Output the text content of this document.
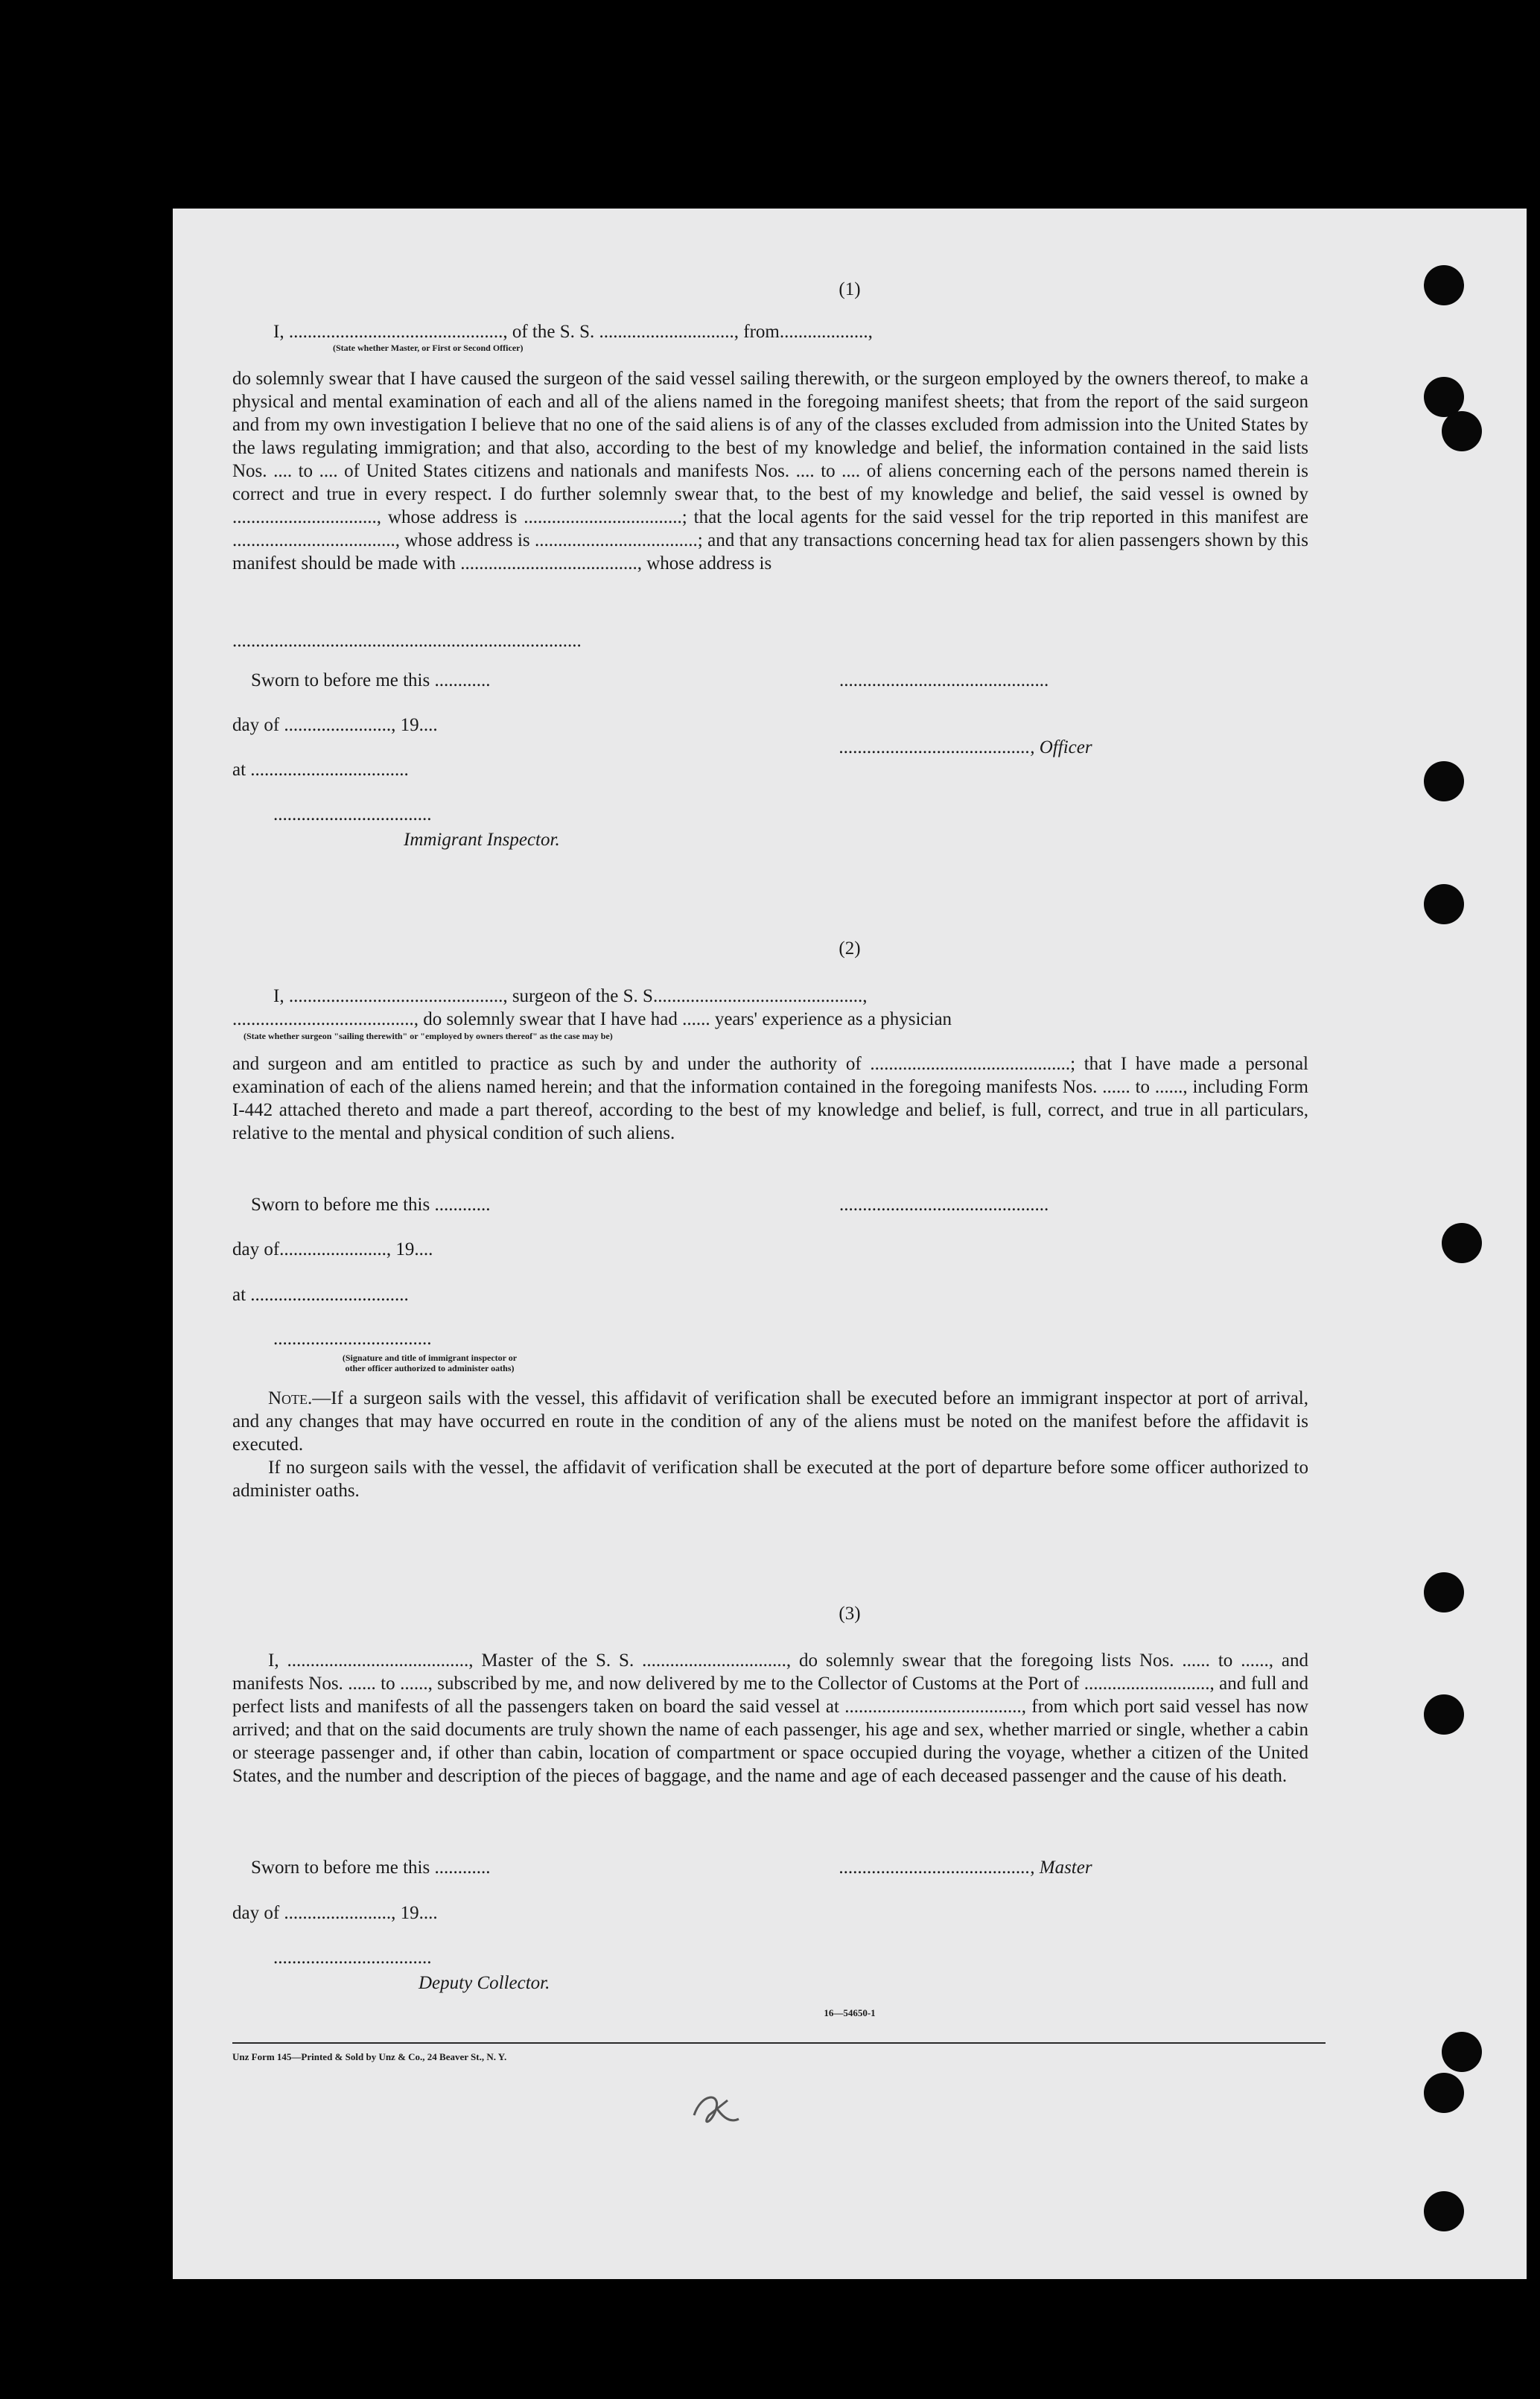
(1)
I, .............................................., of the S. S. ............................., from...................,
(State whether Master, or First or Second Officer)

do solemnly swear that I have caused the surgeon of the said vessel sailing therewith, or the surgeon employed by the owners thereof, to make a physical and mental examination of each and all of the aliens named in the foregoing manifest sheets; that from the report of the said surgeon and from my own investigation I believe that no one of the said aliens is of any of the classes excluded from admission into the United States by the laws regulating immigration; and that also, according to the best of my knowledge and belief, the information contained in the said lists Nos. .... to .... of United States citizens and nationals and manifests Nos. .... to .... of aliens concerning each of the persons named therein is correct and true in every respect. I do further solemnly swear that, to the best of my knowledge and belief, the said vessel is owned by ..............................., whose address is ..................................; that the local agents for the said vessel for the trip reported in this manifest are ..................................., whose address is ...................................; and that any transactions concerning head tax for alien passengers shown by this manifest should be made with ......................................, whose address is

...........................................................................
Sworn to before me this ............	.............................................
day of ......................., 19....
........................................., Officer
at ..................................
..................................
Immigrant Inspector.
(2)
I, .............................................., surgeon of the S. S.............................................,
......................................., do solemnly swear that I have had ...... years' experience as a physician
(State whether surgeon "sailing therewith" or "employed by owners thereof" as the case may be)

and surgeon and am entitled to practice as such by and under the authority of ...........................................; that I have made a personal examination of each of the aliens named herein; and that the information contained in the foregoing manifests Nos. ...... to ......, including Form I-442 attached thereto and made a part thereof, according to the best of my knowledge and belief, is full, correct, and true in all particulars, relative to the mental and physical condition of such aliens.

Sworn to before me this ............	.............................................
day of......................., 19....
at ..................................
..................................
(Signature and title of immigrant inspector or
other officer authorized to administer oaths)

Note.—If a surgeon sails with the vessel, this affidavit of verification shall be executed before an immigrant inspector at port of arrival, and any changes that may have occurred en route in the condition of any of the aliens must be noted on the manifest before the affidavit is executed.

If no surgeon sails with the vessel, the affidavit of verification shall be executed at the port of departure before some officer authorized to administer oaths.

(3)

I, ......................................., Master of the S. S. ..............................., do solemnly swear that the foregoing lists Nos. ...... to ......, and manifests Nos. ...... to ......, subscribed by me, and now delivered by me to the Collector of Customs at the Port of ..........................., and full and perfect lists and manifests of all the passengers taken on board the said vessel at ......................................, from which port said vessel has now arrived; and that on the said documents are truly shown the name of each passenger, his age and sex, whether married or single, whether a cabin or steerage passenger and, if other than cabin, location of compartment or space occupied during the voyage, whether a citizen of the United States, and the number and description of the pieces of baggage, and the name and age of each deceased passenger and the cause of his death.

Sworn to before me this ............	........................................., Master
day of ......................., 19....
..................................
Deputy Collector.
16—54650-1
Unz Form 145—Printed & Sold by Unz & Co., 24 Beaver St., N. Y.
